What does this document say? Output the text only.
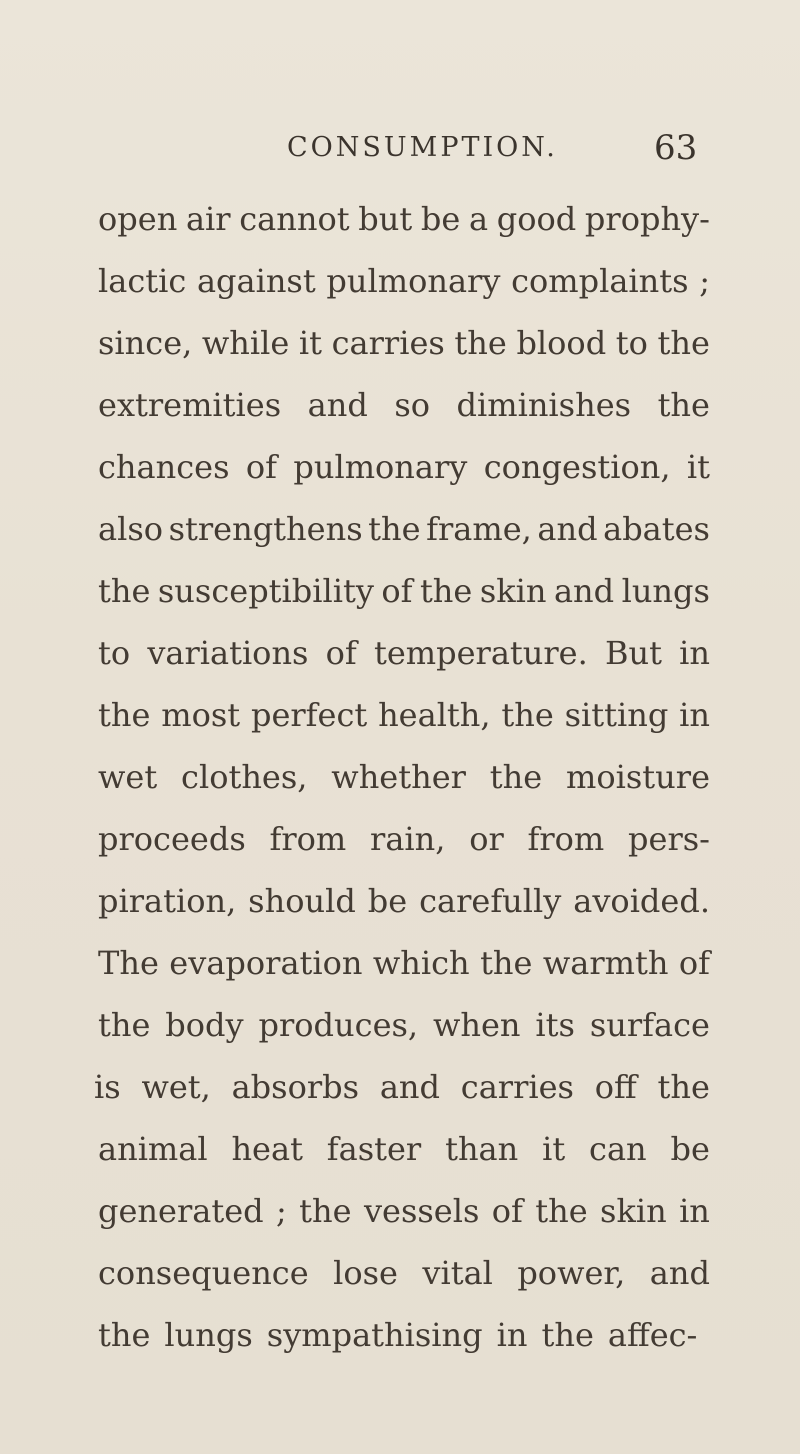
CONSUMPTION.	63
open air cannot but be a good prophy-
lactic against pulmonary complaints ;
since, while it carries the blood to the
extremities and so diminishes the
chances of pulmonary congestion, it
also strengthens the frame, and abates
the susceptibility of the skin and lungs
to variations of temperature. But in
the most perfect health, the sitting in
wet clothes, whether the moisture
proceeds from rain, or from pers-
piration, should be carefully avoided.
The evaporation which the warmth of
the body produces, when its surface
is wet, absorbs and carries off the
animal heat faster than it can be
generated ; the vessels of the skin in
consequence lose vital power, and
the lungs sympathising in the affec-
